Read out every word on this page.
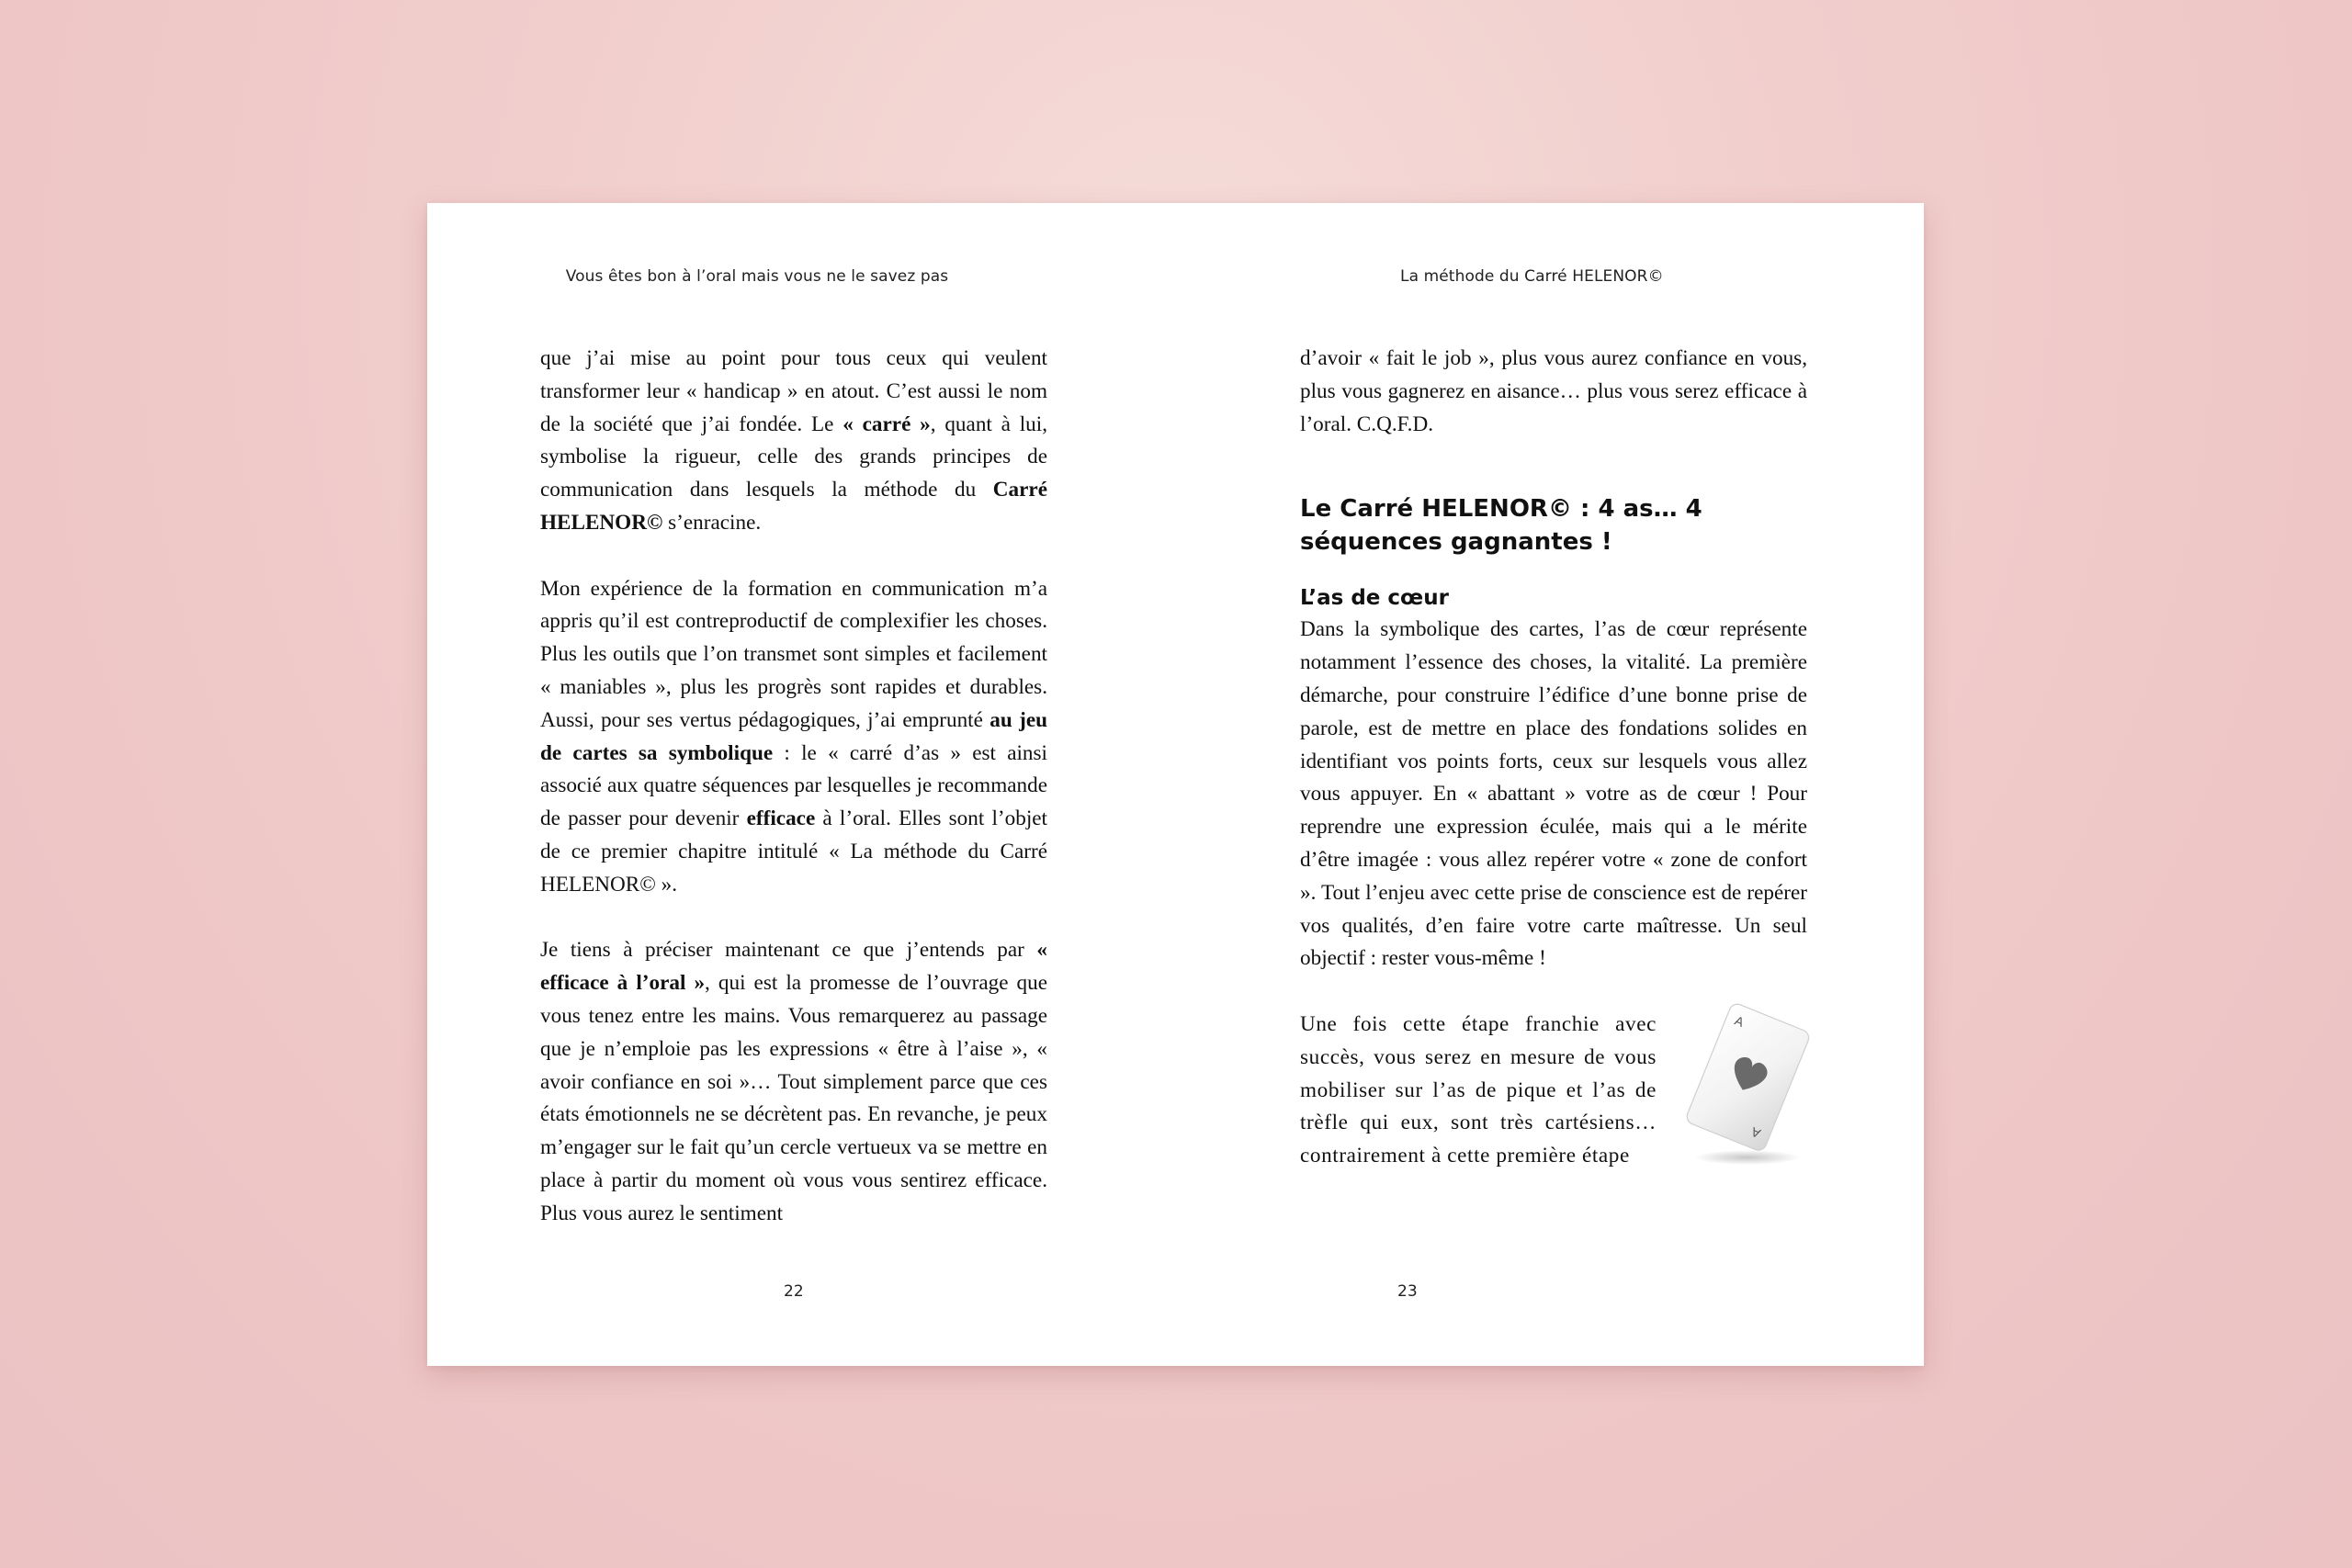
Vous êtes bon à l’oral mais vous ne le savez pas

que j’ai mise au point pour tous ceux qui veulent transformer leur « handicap » en atout. C’est aussi le nom de la société que j’ai fondée. Le « carré », quant à lui, symbolise la rigueur, celle des grands principes de communication dans lesquels la méthode du Carré HELENOR© s’enracine.

Mon expérience de la formation en communication m’a appris qu’il est contreproductif de complexifier les choses. Plus les outils que l’on transmet sont simples et facilement « maniables », plus les progrès sont rapides et durables. Aussi, pour ses vertus pédagogiques, j’ai emprunté au jeu de cartes sa symbolique : le « carré d’as » est ainsi associé aux quatre séquences par lesquelles je recommande de passer pour devenir efficace à l’oral. Elles sont l’objet de ce premier chapitre intitulé « La méthode du Carré HELENOR© ».

Je tiens à préciser maintenant ce que j’entends par « efficace à l’oral », qui est la promesse de l’ouvrage que vous tenez entre les mains. Vous remarquerez au passage que je n’emploie pas les expressions « être à l’aise », « avoir confiance en soi »… Tout simplement parce que ces états émotionnels ne se décrètent pas. En revanche, je peux m’engager sur le fait qu’un cercle vertueux va se mettre en place à partir du moment où vous vous sentirez efficace. Plus vous aurez le sentiment

22
La méthode du Carré HELENOR©

d’avoir « fait le job », plus vous aurez confiance en vous, plus vous gagnerez en aisance… plus vous serez efficace à l’oral. C.Q.F.D.

Le Carré HELENOR© : 4 as… 4 séquences gagnantes !
L’as de cœur

Dans la symbolique des cartes, l’as de cœur représente notamment l’essence des choses, la vitalité. La première démarche, pour construire l’édifice d’une bonne prise de parole, est de mettre en place des fondations solides en identifiant vos points forts, ceux sur lesquels vous allez vous appuyer. En « abattant » votre as de cœur ! Pour reprendre une expression éculée, mais qui a le mérite d’être imagée : vous allez repérer votre « zone de confort ». Tout l’enjeu avec cette prise de conscience est de repérer vos qualités, d’en faire votre carte maîtresse. Un seul objectif : rester vous-même !

Une fois cette étape franchie avec succès, vous serez en mesure de vous mobiliser sur l’as de pique et l’as de trèfle qui eux, sont très cartésiens… contrairement à cette première étape

A
A
23
